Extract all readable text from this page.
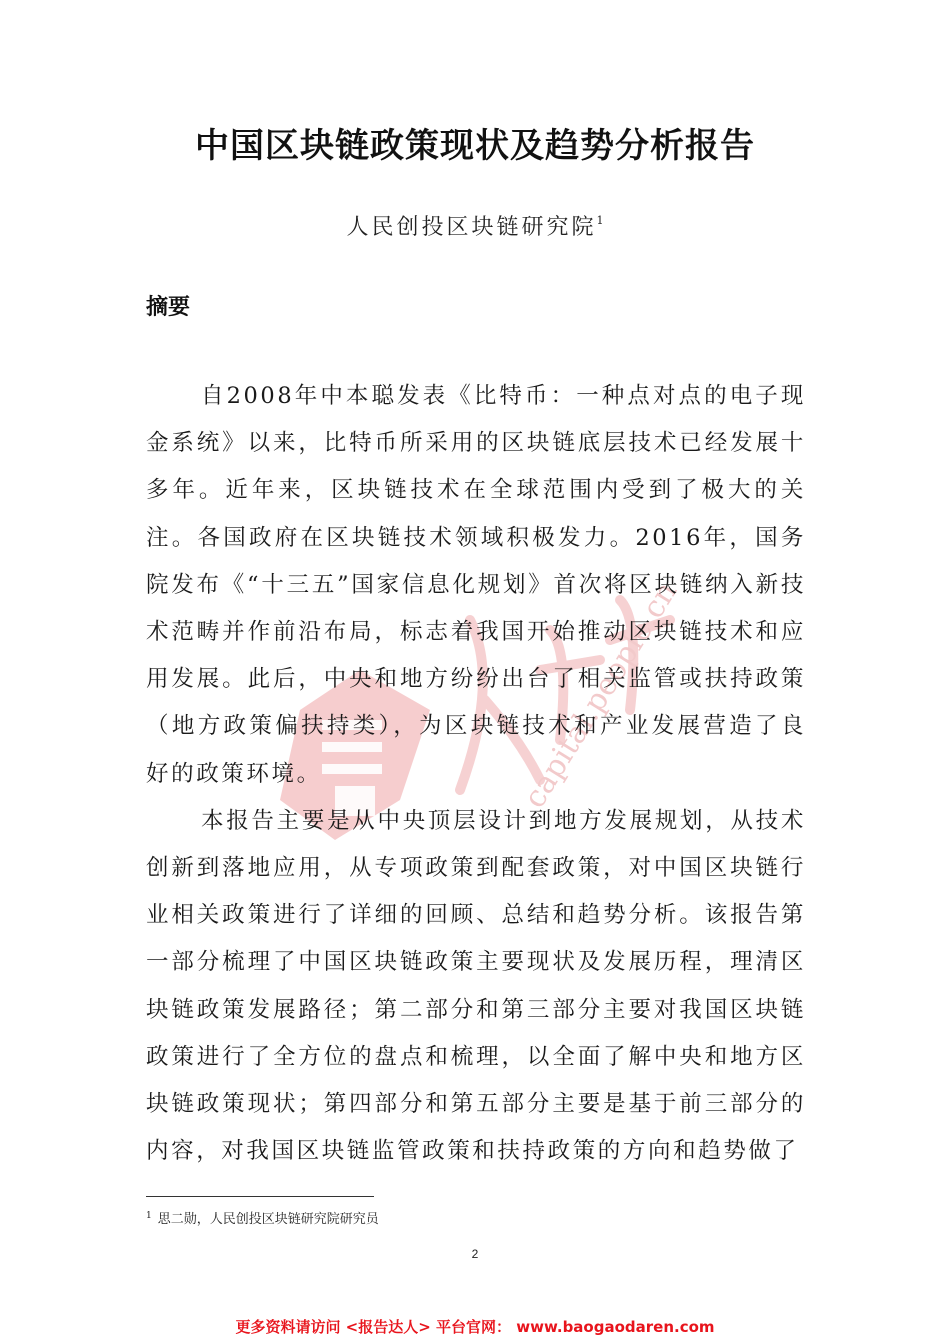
capital.people.cn
中国区块链政策现状及趋势分析报告
人民创投区块链研究院$^1$
摘要

自2008年中本聪发表《比特币：一种点对点的电子现金系统》以来，比特币所采用的区块链底层技术已经发展十多年。近年来，区块链技术在全球范围内受到了极大的关注。各国政府在区块链技术领域积极发力。2016年，国务院发布《“十三五”国家信息化规划》首次将区块链纳入新技术范畴并作前沿布局，标志着我国开始推动区块链技术和应用发展。此后，中央和地方纷纷出台了相关监管或扶持政策（地方政策偏扶持类），为区块链技术和产业发展营造了良好的政策环境。

本报告主要是从中央顶层设计到地方发展规划，从技术创新到落地应用，从专项政策到配套政策，对中国区块链行业相关政策进行了详细的回顾、总结和趋势分析。该报告第一部分梳理了中国区块链政策主要现状及发展历程，理清区块链政策发展路径；第二部分和第三部分主要对我国区块链政策进行了全方位的盘点和梳理，以全面了解中央和地方区块链政策现状；第四部分和第五部分主要是基于前三部分的内容，对我国区块链监管政策和扶持政策的方向和趋势做了

$^1$ 思二勋，人民创投区块链研究院研究员
2
更多资料请访问 <报告达人> 平台官网： www.baogaodaren.com
